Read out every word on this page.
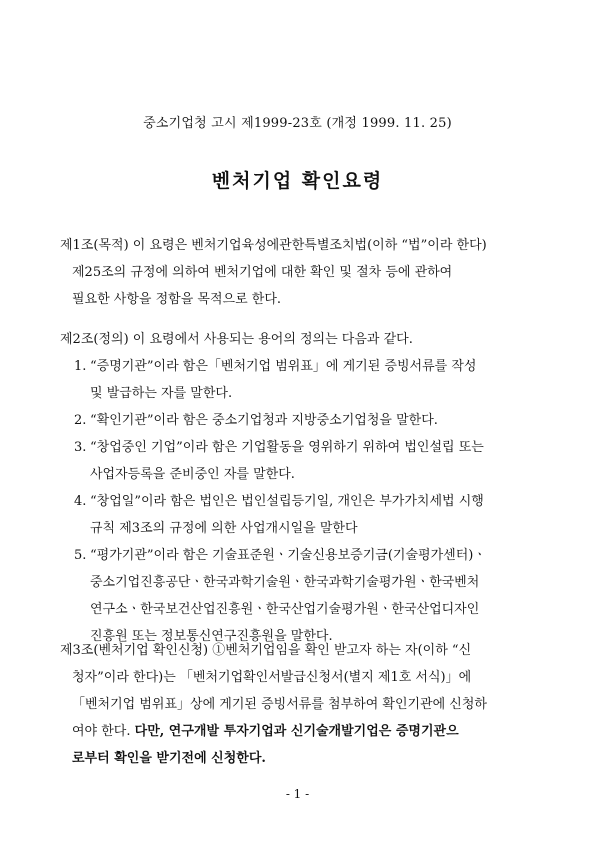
중소기업청 고시 제1999-23호 (개정 1999. 11. 25)
벤처기업 확인요령

제1조(목적) 이 요령은 벤처기업육성에관한특별조치법(이하 “법”이라 한다)

제25조의 규정에 의하여 벤처기업에 대한 확인 및 절차 등에 관하여

필요한 사항을 정함을 목적으로 한다.

제2조(정의) 이 요령에서 사용되는 용어의 정의는 다음과 같다.

1. “증명기관”이라 함은「벤처기업 범위표」에 게기된 증빙서류를 작성
및 발급하는 자를 말한다.
2. “확인기관”이라 함은 중소기업청과 지방중소기업청을 말한다.
3. “창업중인 기업”이라 함은 기업활동을 영위하기 위하여 법인설립 또는
사업자등록을 준비중인 자를 말한다.
4. “창업일”이라 함은 법인은 법인설립등기일, 개인은 부가가치세법 시행
규칙 제3조의 규정에 의한 사업개시일을 말한다
5. “평가기관”이라 함은 기술표준원ㆍ기술신용보증기금(기술평가센터)ㆍ
중소기업진흥공단ㆍ한국과학기술원ㆍ한국과학기술평가원ㆍ한국벤처
연구소ㆍ한국보건산업진흥원ㆍ한국산업기술평가원ㆍ한국산업디자인
진흥원 또는 정보통신연구진흥원을 말한다.

제3조(벤처기업 확인신청) ①벤처기업임을 확인 받고자 하는 자(이하 “신

청자”이라 한다)는 「벤처기업확인서발급신청서(별지 제1호 서식)」에

「벤처기업 범위표」상에 게기된 증빙서류를 첨부하여 확인기관에 신청하

여야 한다. 다만, 연구개발 투자기업과 신기술개발기업은 증명기관으

로부터 확인을 받기전에 신청한다.

- 1 -
